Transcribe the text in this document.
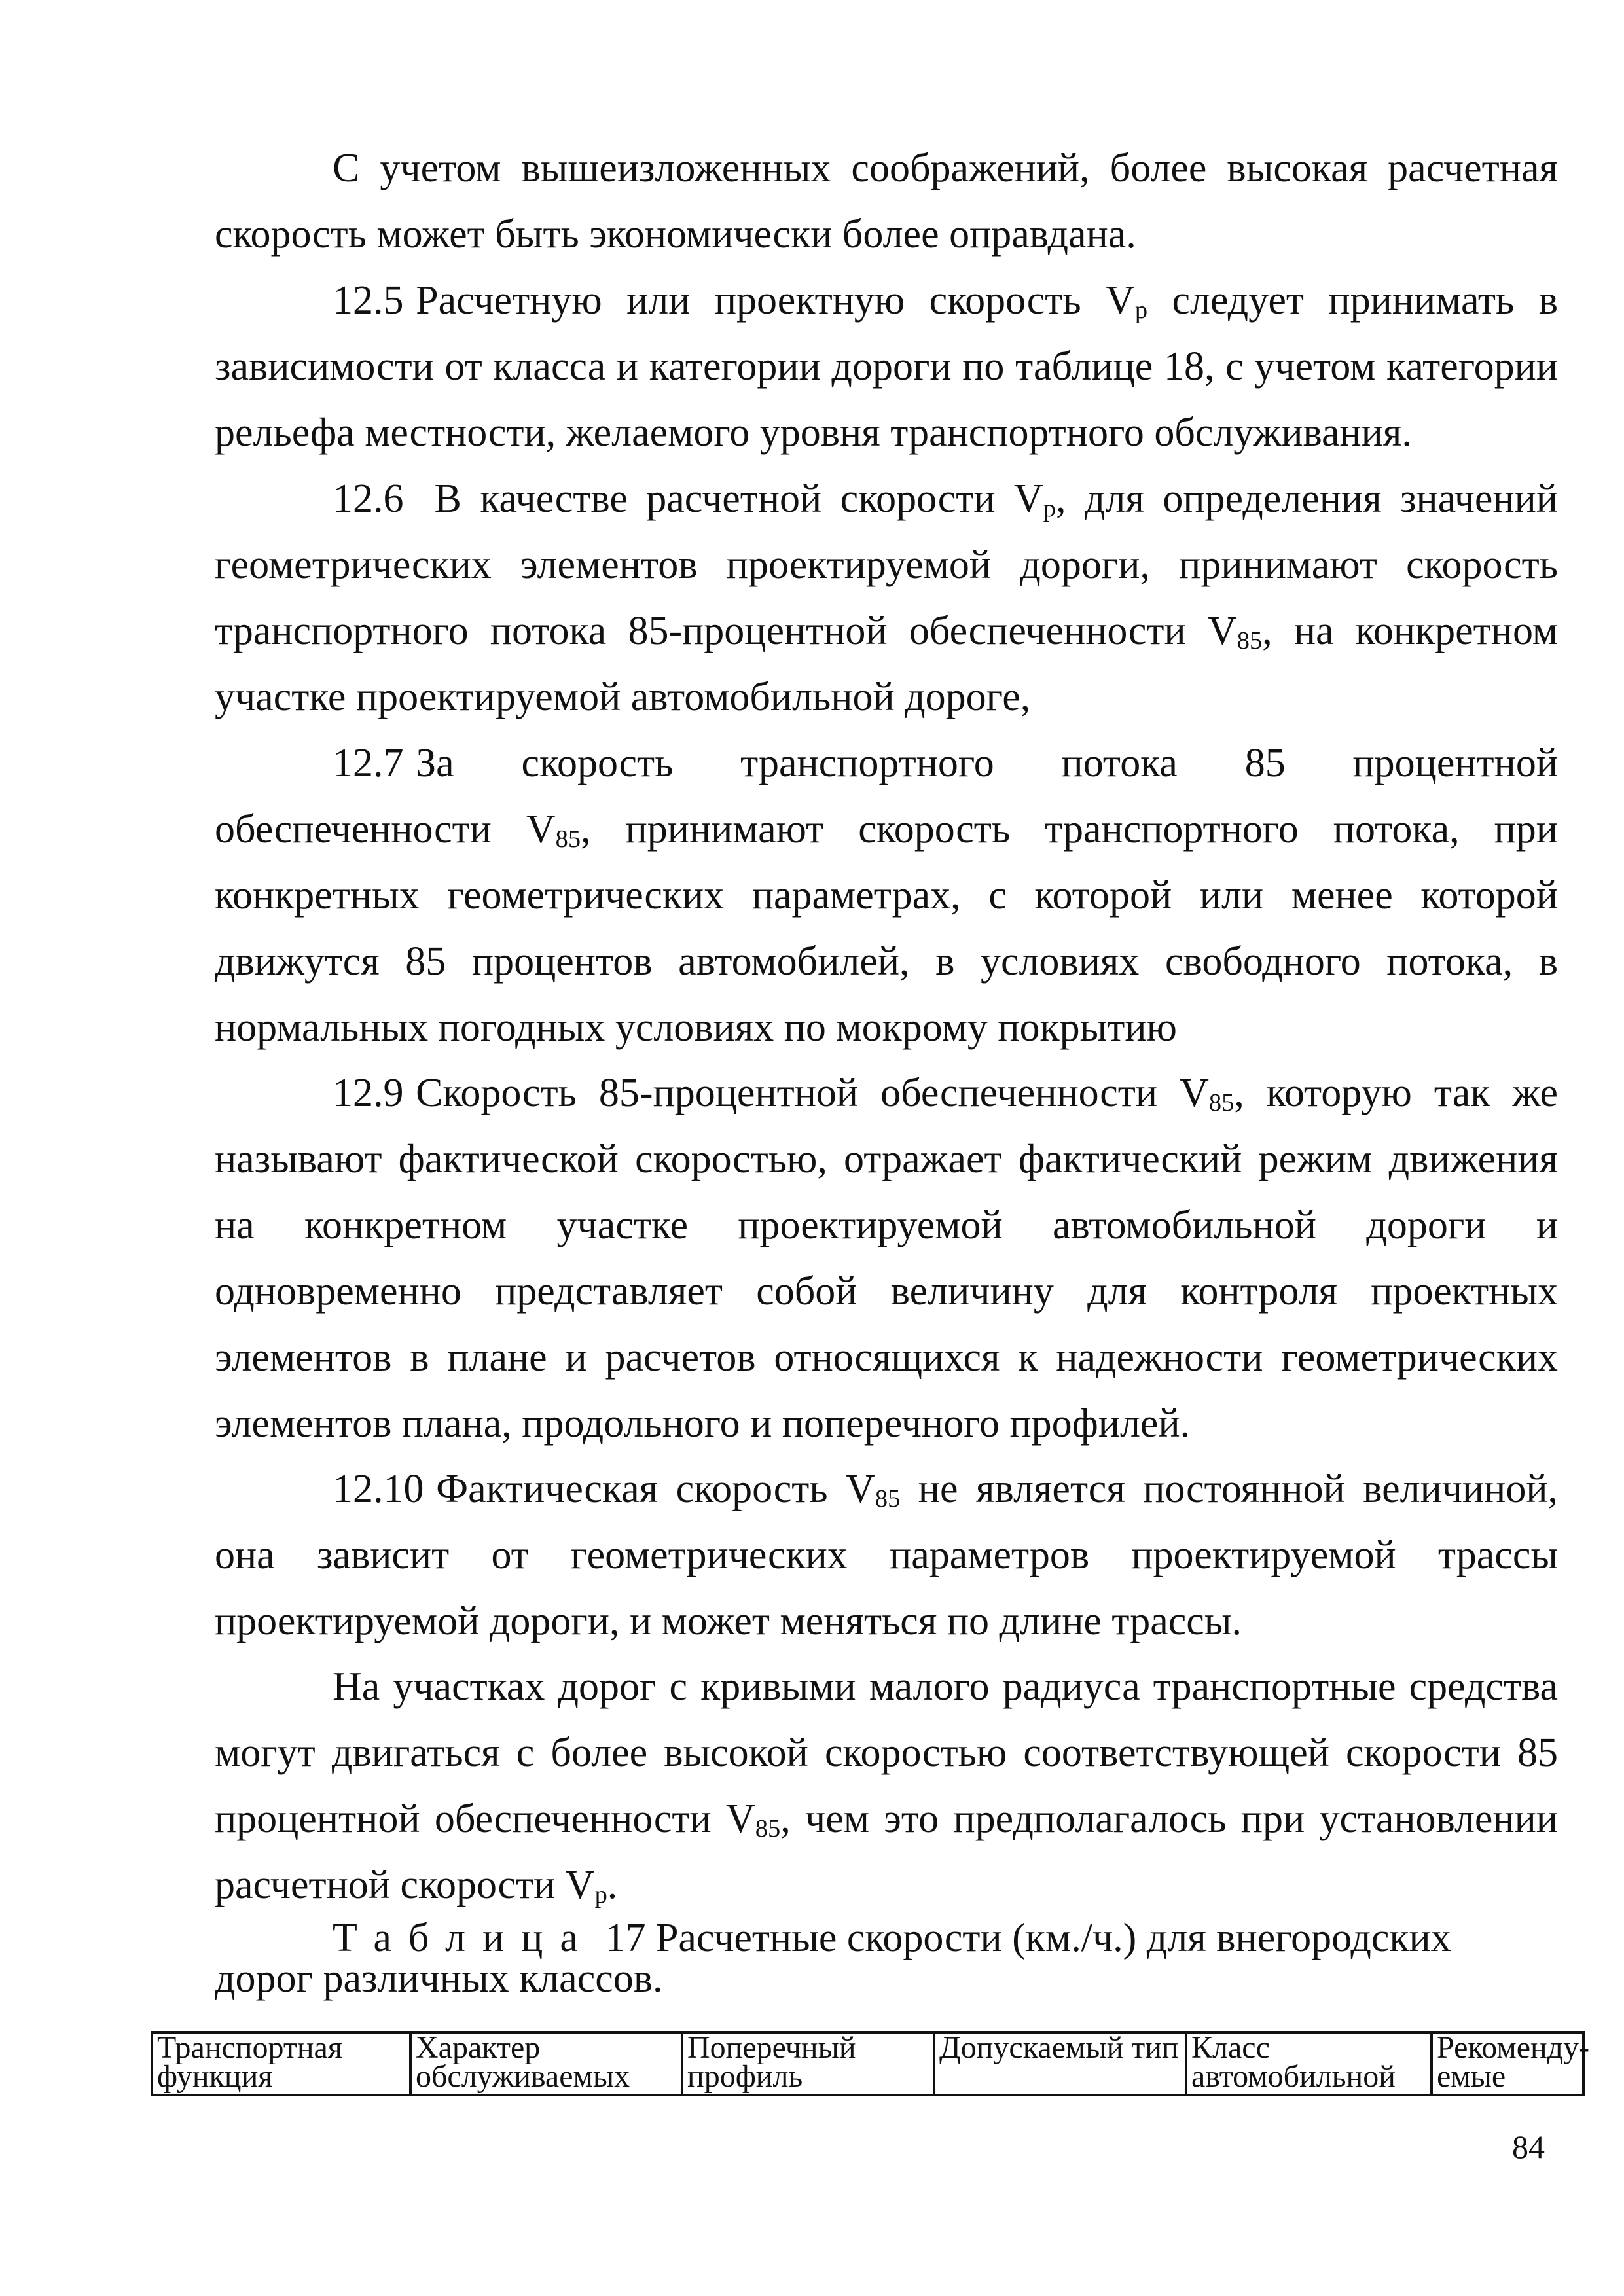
С учетом вышеизложенных соображений, более высокая расчетная скорость может быть экономически более оправдана.

12.5 Расчетную или проектную скорость $V_p$ следует принимать в зависимости от класса и категории дороги по таблице 18, с учетом категории рельефа местности, желаемого уровня транспортного обслуживания.

12.6 В качестве расчетной скорости $V_p$, для определения значений геометрических элементов проектируемой дороги, принимают скорость транспортного потока 85-процентной обеспеченности $V_{85}$, на конкретном участке проектируемой автомобильной дороге,

12.7 За скорость транспортного потока 85 процентной обеспеченности $V_{85}$, принимают скорость транспортного потока, при конкретных геометрических параметрах, с которой или менее которой движутся 85 процентов автомобилей, в условиях свободного потока, в нормальных погодных условиях по мокрому покрытию

12.9 Скорость 85-процентной обеспеченности $V_{85}$, которую так же называют фактической скоростью, отражает фактический режим движения на конкретном участке проектируемой автомобильной дороги и одновременно представляет собой величину для контроля проектных элементов в плане и расчетов относящихся к надежности геометрических элементов плана, продольного и поперечного профилей.

12.10 Фактическая скорость $V_{85}$ не является постоянной величиной, она зависит от геометрических параметров проектируемой трассы проектируемой дороги, и может меняться по длине трассы.

На участках дорог с кривыми малого радиуса транспортные средства могут двигаться с более высокой скоростью соответствующей скорости 85 процентной обеспеченности $V_{85}$, чем это предполагалось при установлении расчетной скорости $V_p$.

Таблица 17 Расчетные скорости (км./ч.) для внегородских дорог различных классов.

Транспортная функция	Характер обслуживаемых	Поперечный профиль	Допускаемый тип	Класс автомобильной	Рекоменду-емые
84
